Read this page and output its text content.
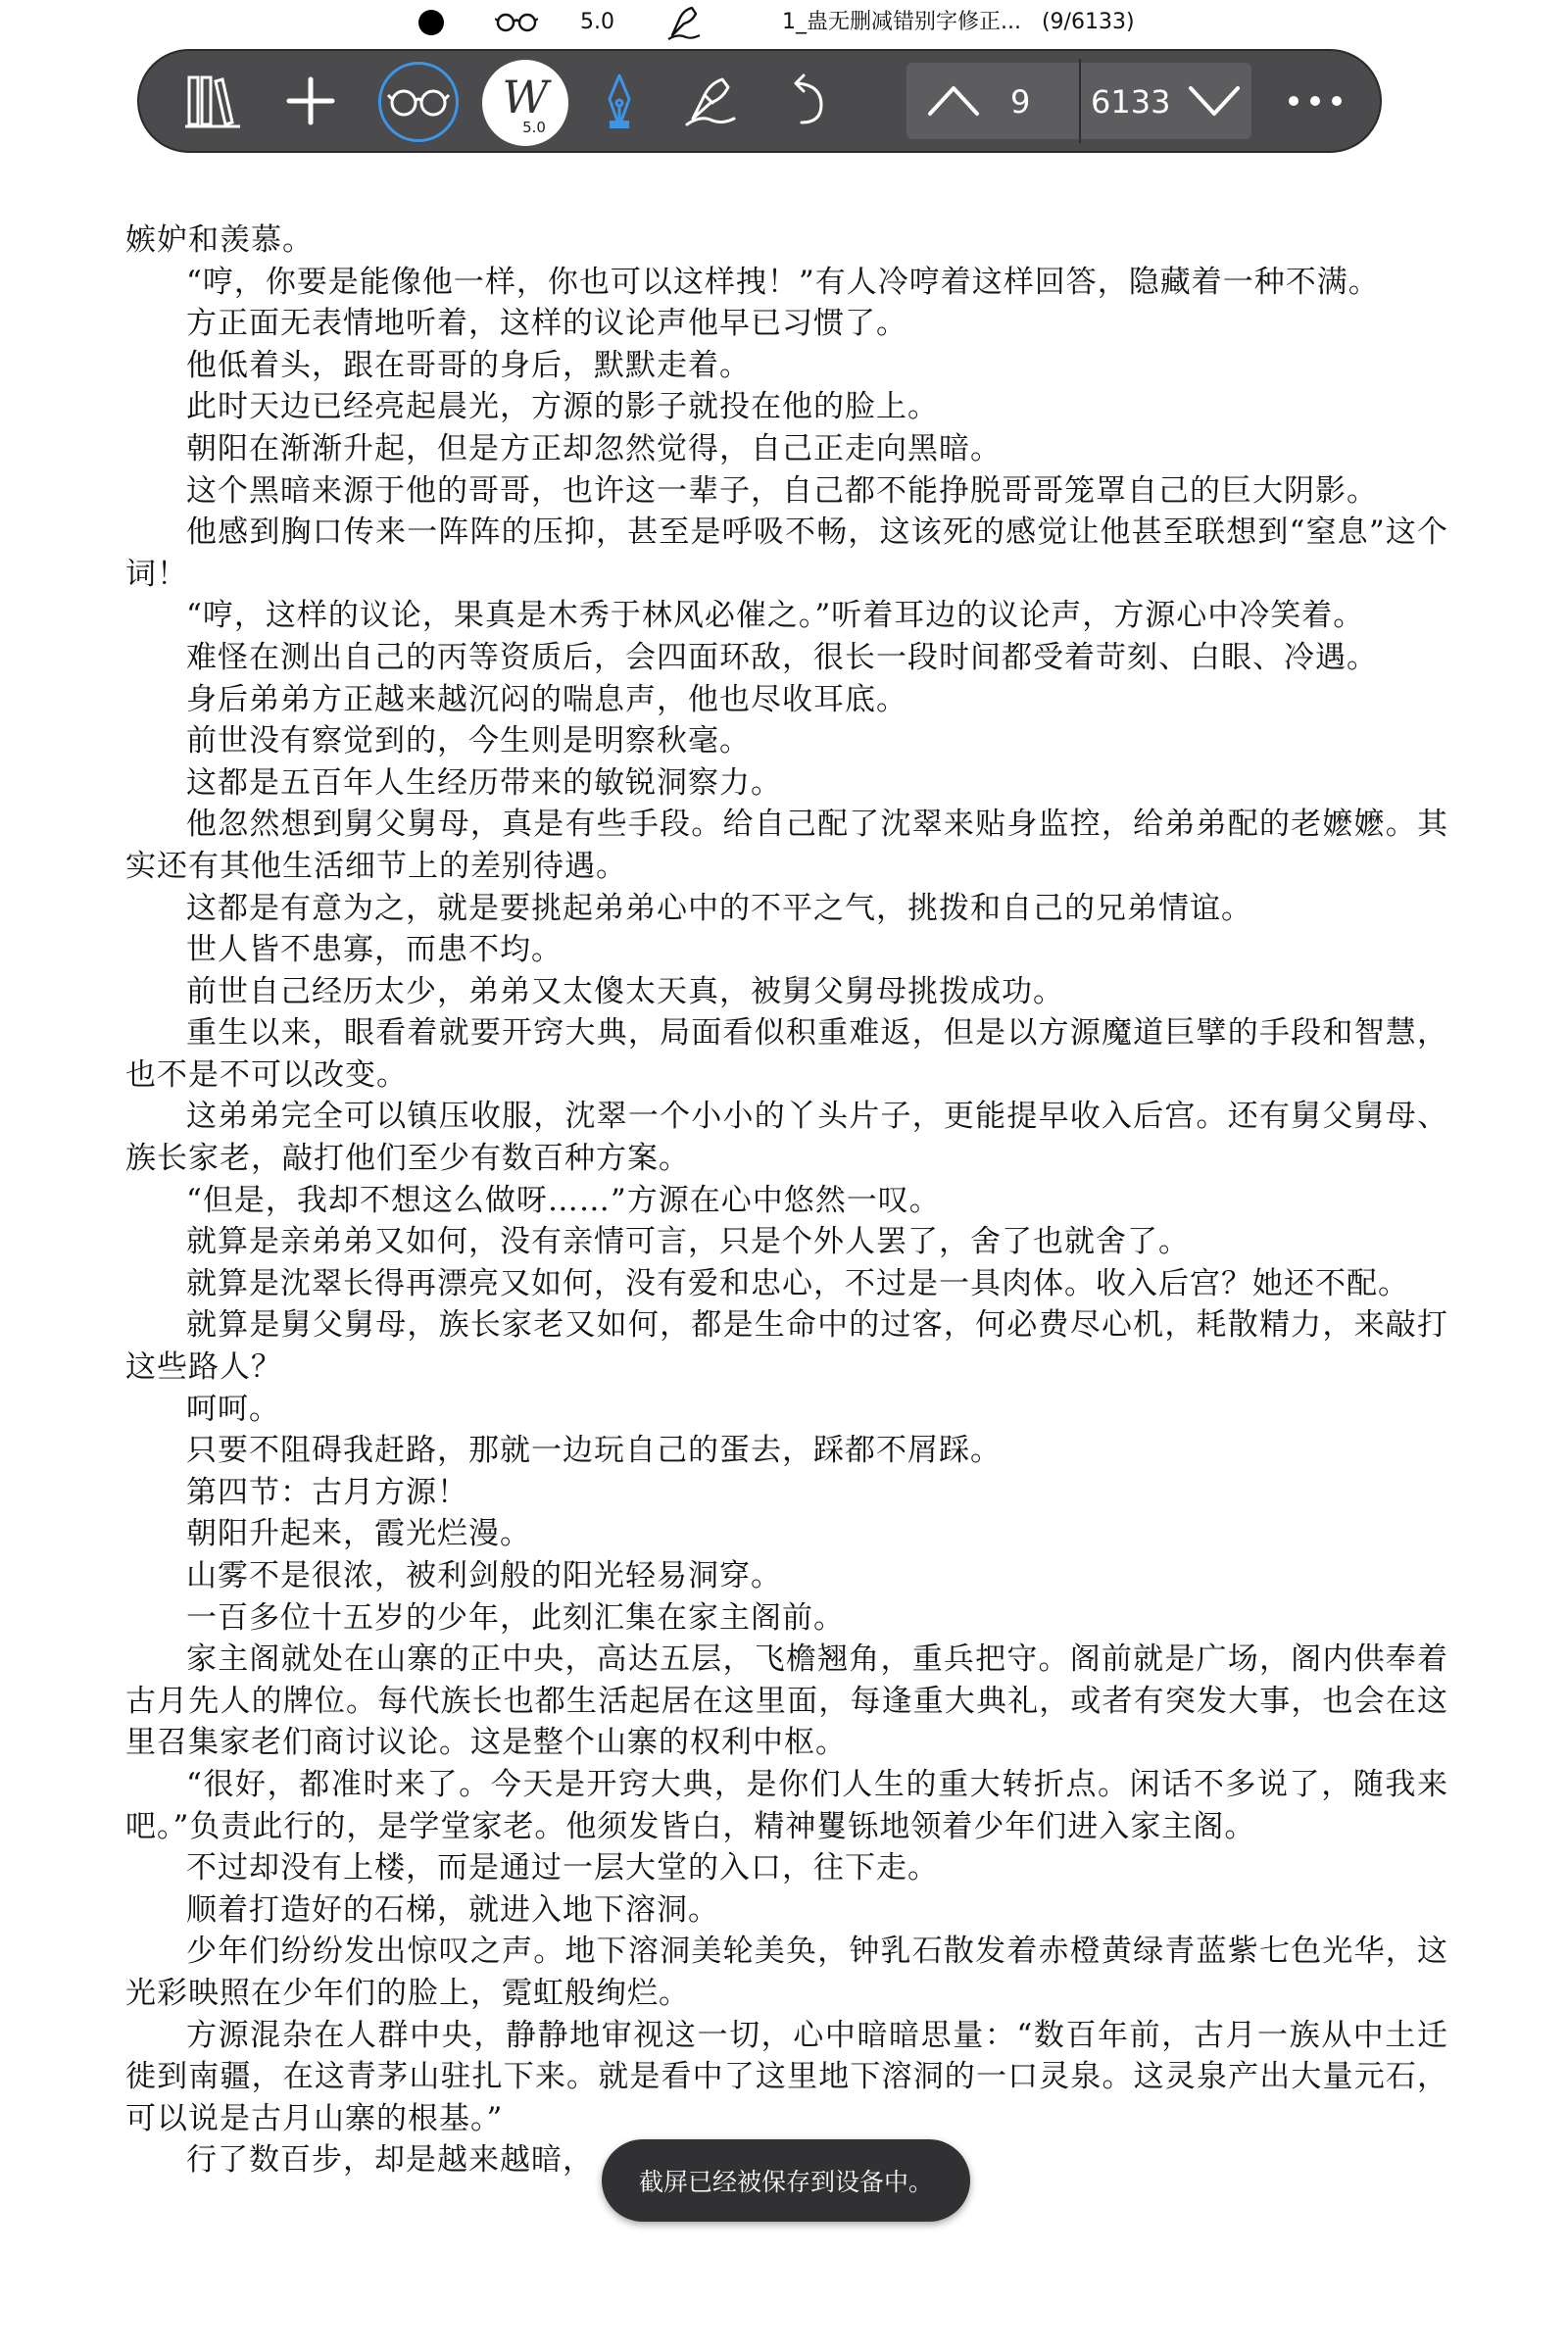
5.0	1_蛊无删减错别字修正... (9/6133)
W
5.0
9 6133

嫉妒和羡慕。

“哼，你要是能像他一样，你也可以这样拽！”有人冷哼着这样回答，隐藏着一种不满。

方正面无表情地听着，这样的议论声他早已习惯了。

他低着头，跟在哥哥的身后，默默走着。

此时天边已经亮起晨光，方源的影子就投在他的脸上。

朝阳在渐渐升起，但是方正却忽然觉得，自己正走向黑暗。

这个黑暗来源于他的哥哥，也许这一辈子，自己都不能挣脱哥哥笼罩自己的巨大阴影。

他感到胸口传来一阵阵的压抑，甚至是呼吸不畅，这该死的感觉让他甚至联想到“窒息”这个词！

“哼，这样的议论，果真是木秀于林风必催之。”听着耳边的议论声，方源心中冷笑着。

难怪在测出自己的丙等资质后，会四面环敌，很长一段时间都受着苛刻、白眼、冷遇。

身后弟弟方正越来越沉闷的喘息声，他也尽收耳底。

前世没有察觉到的，今生则是明察秋毫。

这都是五百年人生经历带来的敏锐洞察力。

他忽然想到舅父舅母，真是有些手段。给自己配了沈翠来贴身监控，给弟弟配的老嬷嬷。其实还有其他生活细节上的差别待遇。

这都是有意为之，就是要挑起弟弟心中的不平之气，挑拨和自己的兄弟情谊。

世人皆不患寡，而患不均。

前世自己经历太少，弟弟又太傻太天真，被舅父舅母挑拨成功。

重生以来，眼看着就要开窍大典，局面看似积重难返，但是以方源魔道巨擘的手段和智慧，也不是不可以改变。

这弟弟完全可以镇压收服，沈翠一个小小的丫头片子，更能提早收入后宫。还有舅父舅母、族长家老，敲打他们至少有数百种方案。

“但是，我却不想这么做呀……”方源在心中悠然一叹。

就算是亲弟弟又如何，没有亲情可言，只是个外人罢了，舍了也就舍了。

就算是沈翠长得再漂亮又如何，没有爱和忠心，不过是一具肉体。收入后宫？她还不配。

就算是舅父舅母，族长家老又如何，都是生命中的过客，何必费尽心机，耗散精力，来敲打这些路人？

呵呵。

只要不阻碍我赶路，那就一边玩自己的蛋去，踩都不屑踩。

第四节：古月方源！

朝阳升起来，霞光烂漫。

山雾不是很浓，被利剑般的阳光轻易洞穿。

一百多位十五岁的少年，此刻汇集在家主阁前。

家主阁就处在山寨的正中央，高达五层，飞檐翘角，重兵把守。阁前就是广场，阁内供奉着古月先人的牌位。每代族长也都生活起居在这里面，每逢重大典礼，或者有突发大事，也会在这里召集家老们商讨议论。这是整个山寨的权利中枢。

“很好，都准时来了。今天是开窍大典，是你们人生的重大转折点。闲话不多说了，随我来吧。”负责此行的，是学堂家老。他须发皆白，精神矍铄地领着少年们进入家主阁。

不过却没有上楼，而是通过一层大堂的入口，往下走。

顺着打造好的石梯，就进入地下溶洞。

少年们纷纷发出惊叹之声。地下溶洞美轮美奂，钟乳石散发着赤橙黄绿青蓝紫七色光华，这光彩映照在少年们的脸上，霓虹般绚烂。

方源混杂在人群中央，静静地审视这一切，心中暗暗思量：“数百年前，古月一族从中土迁徙到南疆，在这青茅山驻扎下来。就是看中了这里地下溶洞的一口灵泉。这灵泉产出大量元石，可以说是古月山寨的根基。”

行了数百步，却是越来越暗，

截屏已经被保存到设备中。
